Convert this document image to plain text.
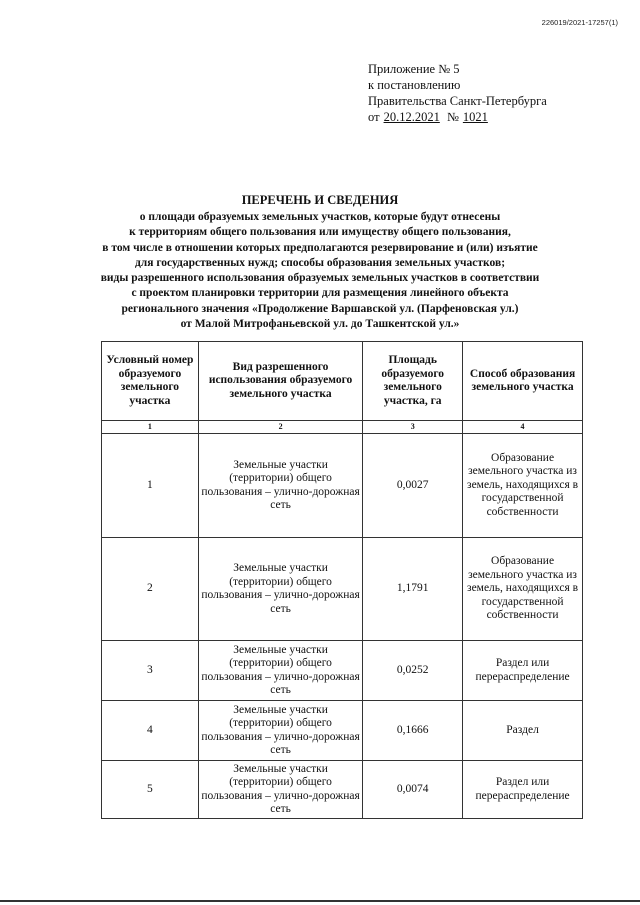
226019/2021-17257(1)
Приложение № 5
к постановлению
Правительства Санкт-Петербурга
от 20.12.2021 № 1021
ПЕРЕЧЕНЬ И СВЕДЕНИЯ
о площади образуемых земельных участков, которые будут отнесены
к территориям общего пользования или имуществу общего пользования,
в том числе в отношении которых предполагаются резервирование и (или) изъятие
для государственных нужд; способы образования земельных участков;
виды разрешенного использования образуемых земельных участков в соответствии
с проектом планировки территории для размещения линейного объекта
регионального значения «Продолжение Варшавской ул. (Парфеновская ул.)
от Малой Митрофаньевской ул. до Ташкентской ул.»
Условный номер образуемого земельного участка	Вид разрешенного использования образуемого земельного участка	Площадь образуемого земельного участка, га	Способ образования земельного участка
1	2	3	4
1	Земельные участки (территории) общего пользования – улично-дорожная сеть	0,0027	Образование земельного участка из земель, находящихся в государственной собственности
2	Земельные участки (территории) общего пользования – улично-дорожная сеть	1,1791	Образование земельного участка из земель, находящихся в государственной собственности
3	Земельные участки (территории) общего пользования – улично-дорожная сеть	0,0252	Раздел или перераспределение
4	Земельные участки (территории) общего пользования – улично-дорожная сеть	0,1666	Раздел
5	Земельные участки (территории) общего пользования – улично-дорожная сеть	0,0074	Раздел или перераспределение
